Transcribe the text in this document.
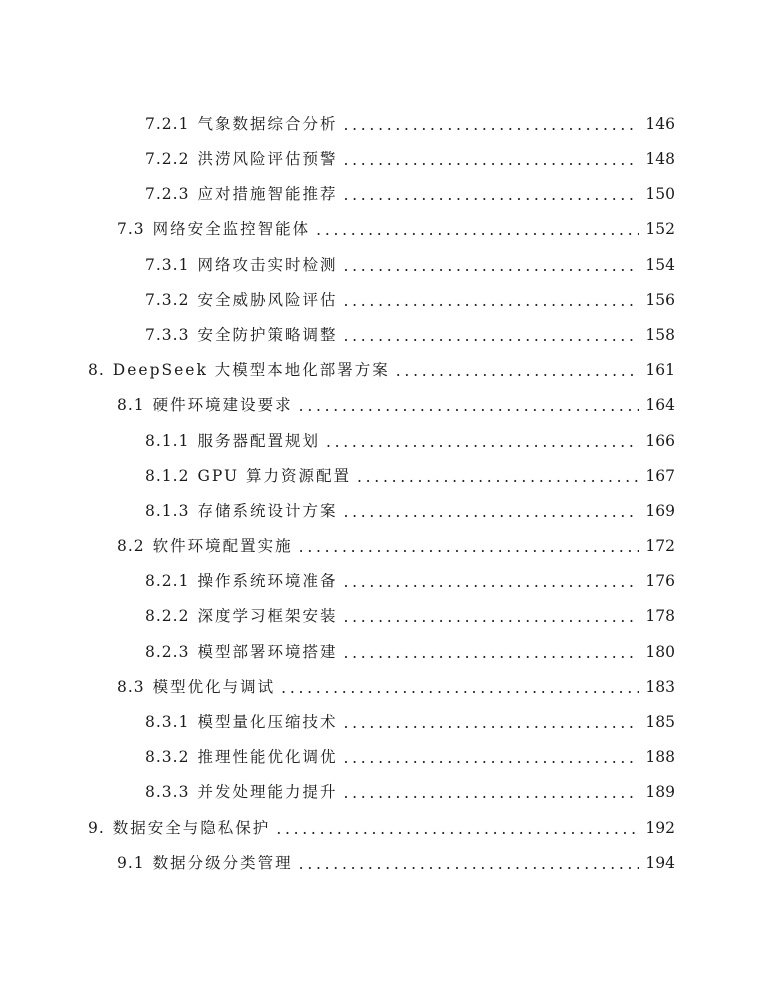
7.2.1 气象数据综合分析 . . .	146
7.2.2 洪涝风险评估预警 . . .	148
7.2.3 应对措施智能推荐 . . .	150
7.3 网络安全监控智能体 . . .	152
7.3.1 网络攻击实时检测 . . .	154
7.3.2 安全威胁风险评估 . . .	156
7.3.3 安全防护策略调整 . . .	158
8. DeepSeek 大模型本地化部署方案 . . .	161
8.1 硬件环境建设要求 . . .	164
8.1.1 服务器配置规划 . . .	166
8.1.2 GPU 算力资源配置 . . .	167
8.1.3 存储系统设计方案 . . .	169
8.2 软件环境配置实施 . . .	172
8.2.1 操作系统环境准备 . . .	176
8.2.2 深度学习框架安装 . . .	178
8.2.3 模型部署环境搭建 . . .	180
8.3 模型优化与调试 . . .	183
8.3.1 模型量化压缩技术 . . .	185
8.3.2 推理性能优化调优 . . .	188
8.3.3 并发处理能力提升 . . .	189
9. 数据安全与隐私保护 . . .	192
9.1 数据分级分类管理 . . .	194
